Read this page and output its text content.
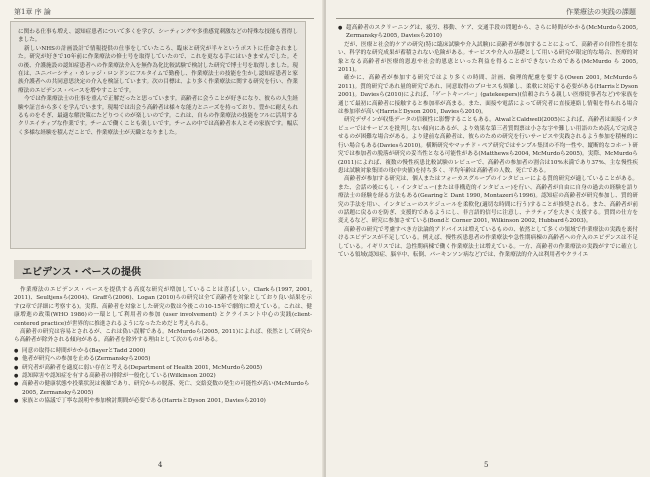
第1章 序 論

に関わる仕事も増え、認知症患者について多くを学び、シーティングや多重感覚刺激などの特殊な技能も習得しました。

新しいNHSの計画設計で情報提供の仕事をしていたころ、臨床と研究が半々というポストに任命されました。研究が好きで10年前に作業療法の修士号を取得していたので、これを更なる手にはいきませんでした。その後、介護施設の認知症患者への作業療法介入を無作為化比較試験で検討した研究で博士号を取得しました。現在は、ユニバーシティ・カレッジ・ロンドンにフルタイムで勤務し、作業療法士の技能を生かし認知症患者と家族介護者への共同意思決定の介入を検証しています。次の目標は、より多く作業療法に関する研究を行い、作業療法のエビデンス・ベースを増やすことです。

今では作業療法士の仕事を重んで正解だったと思っています。高齢者に会うことが好きになり、彼らの人生経験や証言から多くを学んでいます。現場では出会う高齢者は様々な能力とニーズを持っており、豊かに耐えられるものをそぎ、最適な解決策にたどりつくのが楽しいのです。これは、自らの作業療法の技能をフルに活用するクリエイティブな作業です。チームで働くことも楽しいです。チームの中では高齢者本人とその家族です。幅広く多様な経験を積んだことで、作業療法士が天職となりました。

エビデンス・ベースの提供

作業療法のエビデンス・ベースを提供する高度な研究が増加していることは喜ばしい。Clarkら(1997, 2001, 2011)、Seultjensら(2004)、Graffら(2006)、Logan (2010)らの研究は全て高齢者を対象としており良い結果を示す(2章で詳細に考察する)。実際、高齢者を対象とした研究の数は今後この10-15年で劇的に増えている。これは、健康増進の政策(WHO 1986)の一環として利用者の参加 (user involvement) とクライエント中心の実践(client-centered practice)が世界的に推進されるようになったためだと考えられる。

高齢者の研究は容易とされるが、これは偽い誤解である。McMurdoら(2005, 2011)によれば、依然として研究から高齢者が除外される傾向がある。高齢者を除外する理由として次のものがある。

● 同意の取得に時間がかかる(BayerとTadd 2000)
● 他者が研究への参加を止める(Zermanskyら2005)
● 研究者が高齢者を適度に弱い存在と考える(Department of Health 2001, McMurdoら2005)
● 認知障害や認知症を有する高齢者の排除が一般化している(Wilkinson 2002)
● 高齢者の健康状態や投薬状況は複雑であり、研究からの脱落、死亡、交絡変数の発生の可能性が高い(McMurdoら2005, Zermanskyら2005)
● 家族との協議で丁寧な説明や参加検討期間が必要である(HarrisとDyson 2001, Daviesら2010)
4
作業療法の実践の課題
● 超高齢者のスクリーニングは、疲労、移動、ケア、交通手段の問題から、さらに時間がかかる(McMurdoら2005, Zermanskyら2005, Daviesら2010)

だが、医療と社会的ケアの研究(特に臨床試験や介入試験)に高齢者が参加することによって、高齢者の自律性を損ない、科学的な研究成果が蓄積されない危険がある。サービスや介入の基礎として用いる研究が限定的な場合、医療的対象となる高齢者が医療的恩恵や社会的恩恵といった利益を得ることができないためである(McMurdo ら 2005, 2011)。

確かに、高齢者が参加する研究ではより多くの時間、計画、倫理的配慮を要する(Owen 2001, McMurdoら2011)。質的研究であれ量的研究であれ、同意取得のプロセスも煩雑し、柔軟に対応する必要がある(HarrisとDyson 2001)。Daviesら(2010)によれば、「ゲートキーパー」(gatekeepers)(信頼されうる親しい医療従事者など)や家族を通じて最初に高齢者に接触すると参加率が高まる。また、面接や電話によって研究者に直接連絡し情報を得られる場合は参加率が高い(HarrisとDyson 2001, Daviesら2010)。

研究デザインが収集データの信頼性に影響することもある。AtwalとCaldwell(2005)によれば、高齢者は面接インタビューではサービスを批判しない傾向にあるが、より効果な第三者質問票は小さな字や難しい用語のため読んで完成させるのが困難な場合がある。より建前な高齢者は、彼らのための研究を行いサービスや実践されるよう参加を積極的に行い場合もある(Daviesら2010)。横断研究やマッチド・ペア研究ではサンプル集団の不均一性や、縦断的なコホート研究では参加者の脱落が研究の妥当性となる可能性がある(Matthewsら2004, McMurdoら2005)。実際、McMurdoら(2011)によれば、複数の慢性疾患比較試験のレビューで、高齢者の参加者の割合は10%未満であり37%、主な慢性疾患は試験対象集団の母(中央値)を持ち多く、平均年齢は高齢者の人数、死亡である。

高齢者が参加する研究は、個人またはフォーカスグループのインタビューによる質的研究が適していることがある。また、会話の後にもし・インタビュー(または非構造的インタビュー)を行い、高齢者が自由に自身の過去の経験を語り療法士の経験を経る方法もある(Gearingと Dant 1990, Montazeriら1996)。認知症の高齢者が研究参加し、質的研究の手法を用い、インタビューのスケジュールを柔軟化(適切な時間に行う)することが推奨される。また、高齢者が前の話題に戻るのを防ぎ、支援的であるようにし、非言語的信号に注意し、ナラティブを大きく支援する。質問の仕方を変えるなど、研究に参加させている(Bondと Corner 2001, Wilkinson 2002, Hubbardら2003)。

高齢者の研究で考慮すべき方法論的アドバイスは増えているものの、依然として多くの領域で作業療法の実践を裏付けるエビデンスが不足している。例えば、慢性疾患患者の作業療法や急性期病棟の高齢者への介入のエビデンスは不足している。イギリスでは、急性期病棟で働く作業療法士は増えている。一方、高齢者の作業療法の実践がすでに確立している領域(認知症、脳卒中、転倒、パーキンソン病など)では、作業療法的介入は利用者やクライエ

5
